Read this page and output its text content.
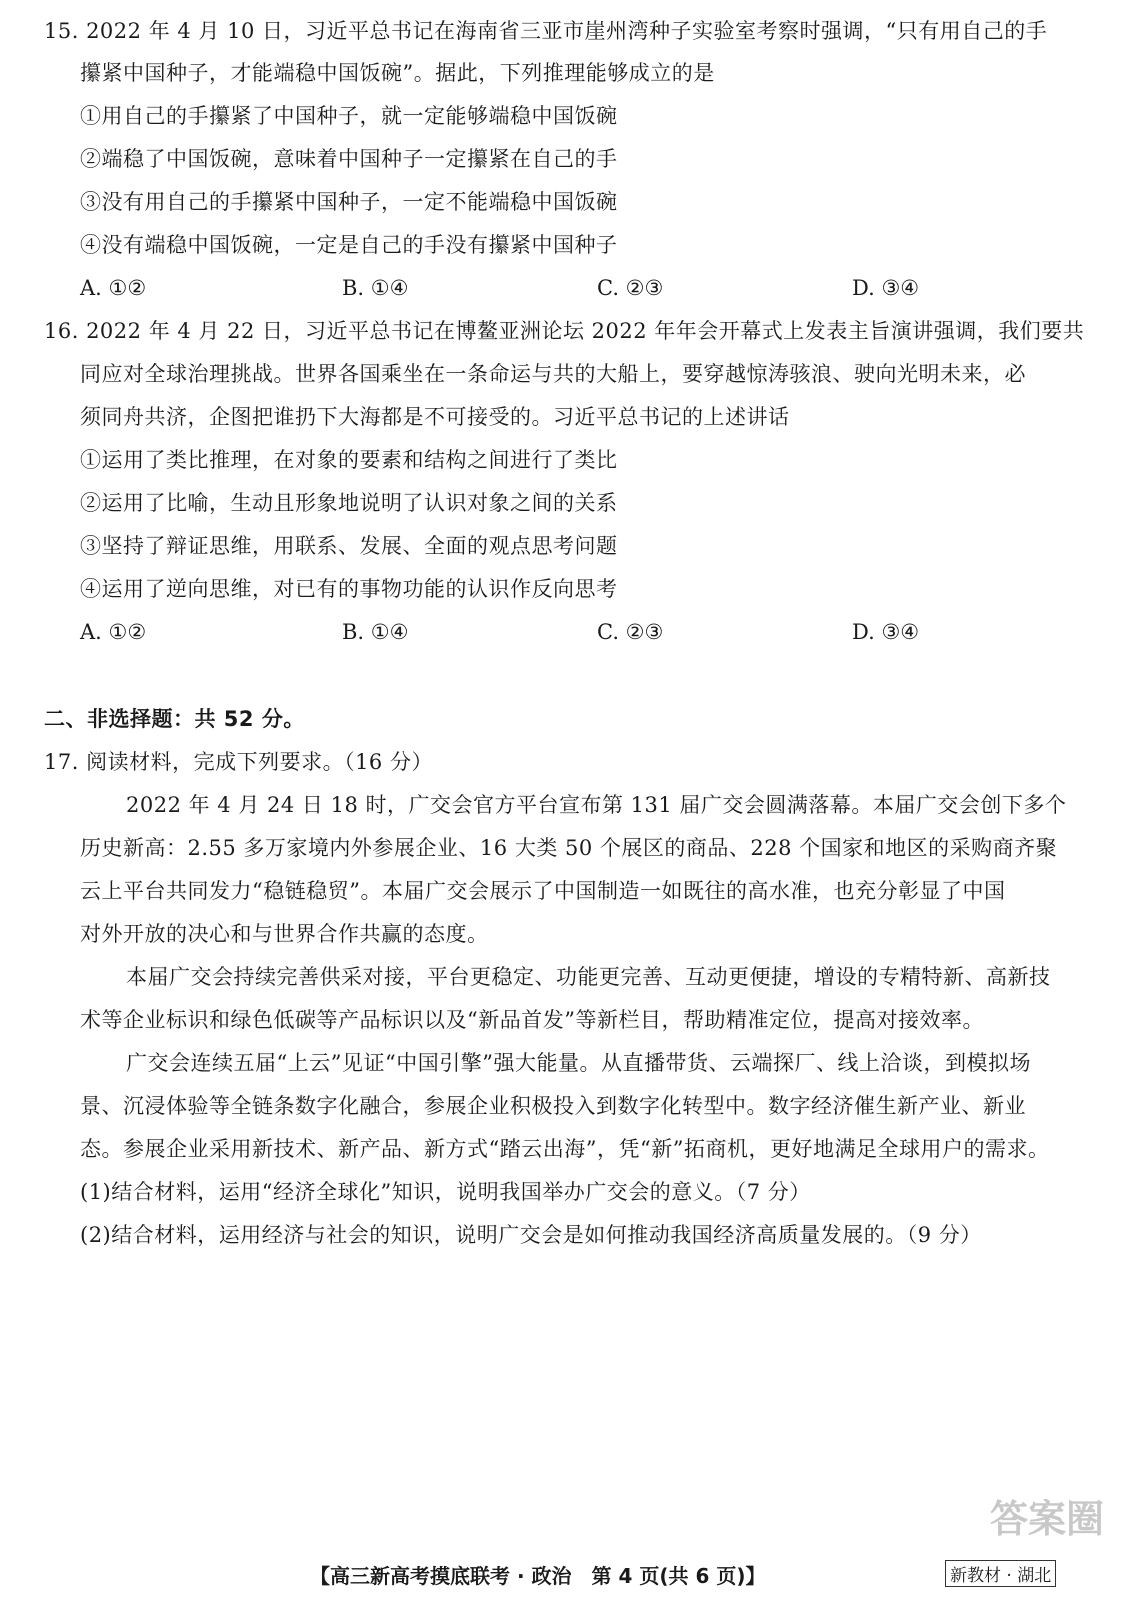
15. 2022 年 4 月 10 日，习近平总书记在海南省三亚市崖州湾种子实验室考察时强调，“只有用自己的手
攥紧中国种子，才能端稳中国饭碗”。据此，下列推理能够成立的是
①用自己的手攥紧了中国种子，就一定能够端稳中国饭碗
②端稳了中国饭碗，意味着中国种子一定攥紧在自己的手
③没有用自己的手攥紧中国种子，一定不能端稳中国饭碗
④没有端稳中国饭碗，一定是自己的手没有攥紧中国种子
A. ①②	B. ①④	C. ②③	D. ③④
16. 2022 年 4 月 22 日，习近平总书记在博鳌亚洲论坛 2022 年年会开幕式上发表主旨演讲强调，我们要共
同应对全球治理挑战。世界各国乘坐在一条命运与共的大船上，要穿越惊涛骇浪、驶向光明未来，必
须同舟共济，企图把谁扔下大海都是不可接受的。习近平总书记的上述讲话
①运用了类比推理，在对象的要素和结构之间进行了类比
②运用了比喻，生动且形象地说明了认识对象之间的关系
③坚持了辩证思维，用联系、发展、全面的观点思考问题
④运用了逆向思维，对已有的事物功能的认识作反向思考
A. ①②	B. ①④	C. ②③	D. ③④
二、非选择题：共 52 分。
17. 阅读材料，完成下列要求。（16 分）
2022 年 4 月 24 日 18 时，广交会官方平台宣布第 131 届广交会圆满落幕。本届广交会创下多个
历史新高：2.55 多万家境内外参展企业、16 大类 50 个展区的商品、228 个国家和地区的采购商齐聚
云上平台共同发力“稳链稳贸”。本届广交会展示了中国制造一如既往的高水准，也充分彰显了中国
对外开放的决心和与世界合作共赢的态度。
本届广交会持续完善供采对接，平台更稳定、功能更完善、互动更便捷，增设的专精特新、高新技
术等企业标识和绿色低碳等产品标识以及“新品首发”等新栏目，帮助精准定位，提高对接效率。
广交会连续五届“上云”见证“中国引擎”强大能量。从直播带货、云端探厂、线上洽谈，到模拟场
景、沉浸体验等全链条数字化融合，参展企业积极投入到数字化转型中。数字经济催生新产业、新业
态。参展企业采用新技术、新产品、新方式“踏云出海”，凭“新”拓商机，更好地满足全球用户的需求。
(1)结合材料，运用“经济全球化”知识，说明我国举办广交会的意义。（7 分）
(2)结合材料，运用经济与社会的知识，说明广交会是如何推动我国经济高质量发展的。（9 分）
答案圈
【高三新高考摸底联考 · 政治　第 4 页(共 6 页)】	新教材 · 湖北
